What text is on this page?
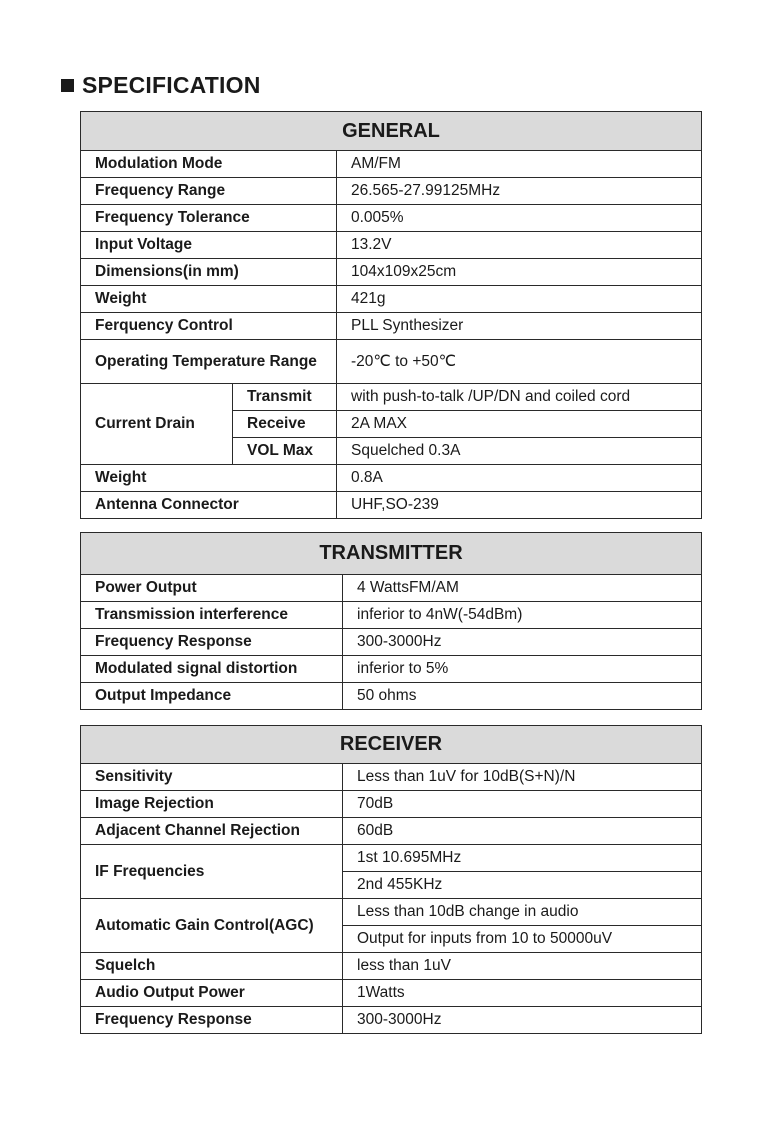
SPECIFICATION
GENERAL		
Modulation Mode		AM/FM
Frequency Range		26.565-27.99125MHz
Frequency Tolerance		0.005%
Input Voltage		13.2V
Dimensions(in mm)		104x109x25cm
Weight		421g
Ferquency Control		PLL Synthesizer
Operating Temperature Range		-20℃ to +50℃
Current Drain	Transmit	with push-to-talk /UP/DN and coiled cord
	Receive	2A MAX
	VOL Max	Squelched 0.3A
Weight		0.8A
Antenna Connector		UHF,SO-239
TRANSMITTER	
Power Output	4 WattsFM/AM
Transmission interference	inferior to 4nW(-54dBm)
Frequency Response	300-3000Hz
Modulated signal distortion	inferior to 5%
Output Impedance	50 ohms
RECEIVER	
Sensitivity	Less than 1uV for 10dB(S+N)/N
Image Rejection	70dB
Adjacent Channel Rejection	60dB
IF Frequencies	1st 10.695MHz
	2nd 455KHz
Automatic Gain Control(AGC)	Less than 10dB change in audio
	Output for inputs from 10 to 50000uV
Squelch	less than 1uV
Audio Output Power	1Watts
Frequency Response	300-3000Hz
